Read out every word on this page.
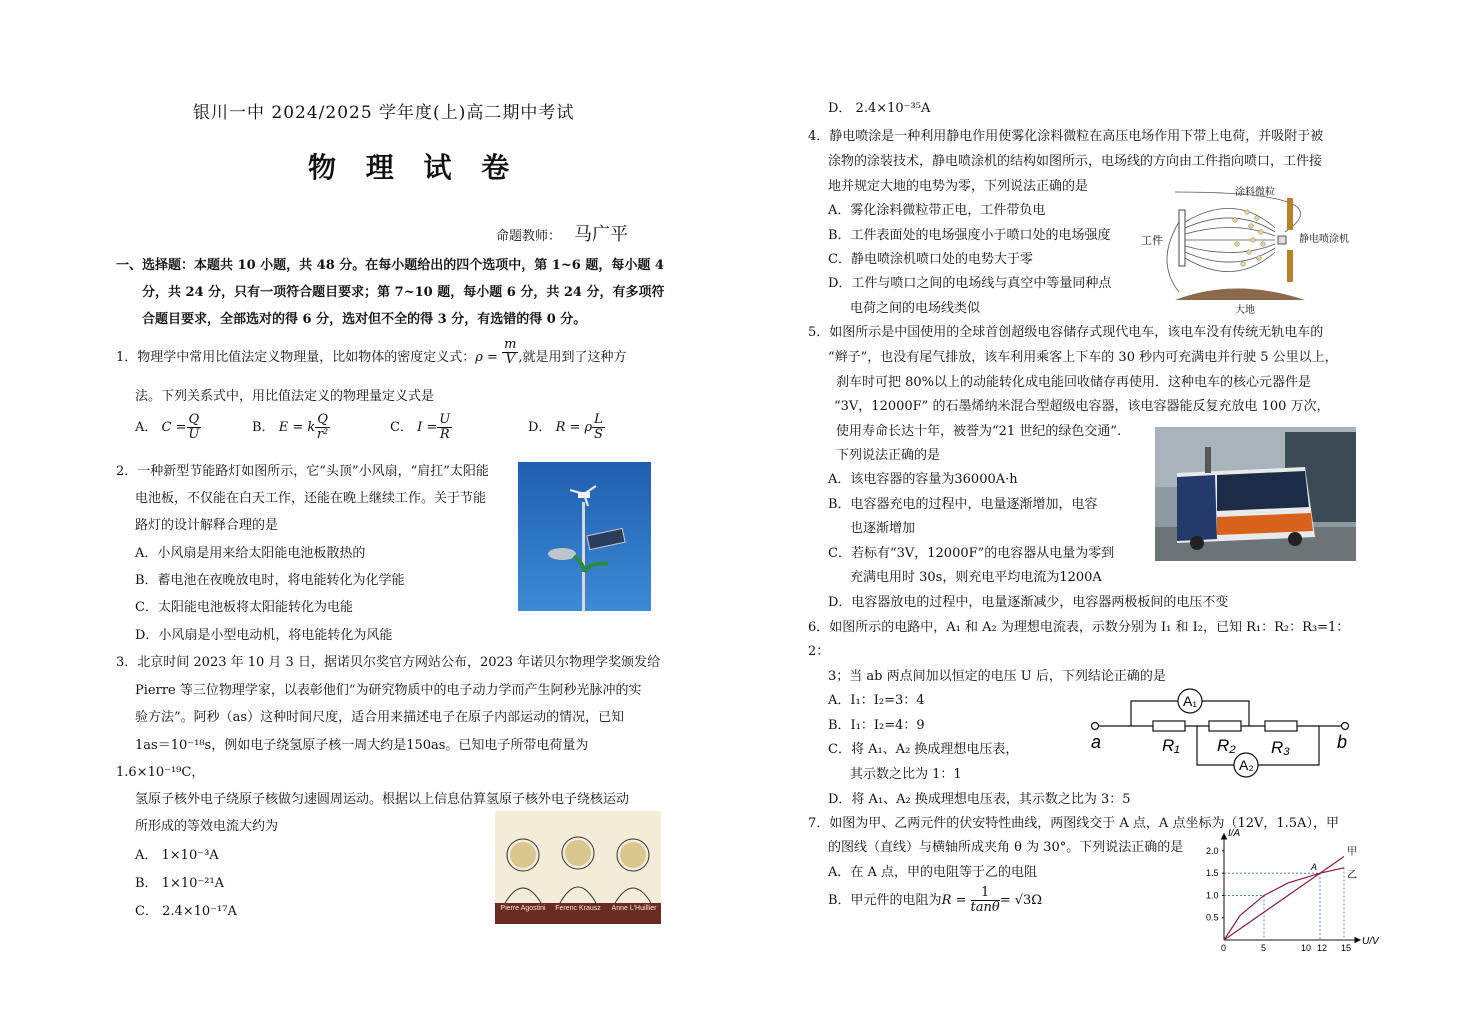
银川一中 2024/2025 学年度(上)高二期中考试
物 理 试 卷
命题教师： 马广平
一、选择题：本题共 10 小题，共 48 分。在每小题给出的四个选项中，第 1~6 题，每小题 4
分，共 24 分，只有一项符合题目要求；第 7~10 题，每小题 6 分，共 24 分，有多项符
合题目要求，全部选对的得 6 分，选对但不全的得 3 分，有选错的得 0 分。
1．物理学中常用比值法定义物理量，比如物体的密度定义式：$\rho = \frac{m}{V}$ ,就是用到了这种方
法。下列关系式中，用比值法定义的物理量定义式是
A． $C = \frac{Q}{U}$	B． E = k $\frac{Q}{\text{r²}}$	C． $I = \frac{U}{R}$	D． R = ρ $\frac{L}{S}$
2．一种新型节能路灯如图所示，它“头顶”小风扇，“肩扛”太阳能
电池板，不仅能在白天工作，还能在晚上继续工作。关于节能
路灯的设计解释合理的是
A．小风扇是用来给太阳能电池板散热的
B．蓄电池在夜晚放电时，将电能转化为化学能
C．太阳能电池板将太阳能转化为电能
D．小风扇是小型电动机，将电能转化为风能
3．北京时间 2023 年 10 月 3 日，据诺贝尔奖官方网站公布，2023 年诺贝尔物理学奖颁发给
Pierre 等三位物理学家，以表彰他们“为研究物质中的电子动力学而产生阿秒光脉冲的实
验方法”。阿秒（as）这种时间尺度，适合用来描述电子在原子内部运动的情况，已知
1as＝10⁻¹⁸s，例如电子绕氢原子核一周大约是150as。已知电子所带电荷量为
1.6×10⁻¹⁹C，
氢原子核外电子绕原子核做匀速圆周运动。根据以上信息估算氢原子核外电子绕核运动
所形成的等效电流大约为
A． 1×10⁻³A
B． 1×10⁻²¹A
C． 2.4×10⁻¹⁷A	Pierre Agostini	Ferenc Krausz	Anne L'Huillier
D． 2.4×10⁻³⁵A
4．静电喷涂是一种利用静电作用使雾化涂料微粒在高压电场作用下带上电荷，并吸附于被
涂物的涂装技术，静电喷涂机的结构如图所示，电场线的方向由工件指向喷口，工件接
地并规定大地的电势为零，下列说法正确的是
A．雾化涂料微粒带正电，工件带负电
B．工件表面处的电场强度小于喷口处的电场强度
C．静电喷涂机喷口处的电势大于零
D．工件与喷口之间的电场线与真空中等量同种点
电荷之间的电场线类似
涂料微粒
工件	静电喷涂机
大地
5．如图所示是中国使用的全球首创超级电容储存式现代电车，该电车没有传统无轨电车的
“辫子”，也没有尾气排放，该车利用乘客上下车的 30 秒内可充满电并行驶 5 公里以上，
刹车时可把 80%以上的动能转化成电能回收储存再使用．这种电车的核心元器件是
“3V，12000F” 的石墨烯纳米混合型超级电容器，该电容器能反复充放电 100 万次，
使用寿命长达十年，被誉为“21 世纪的绿色交通”.
下列说法正确的是
A．该电容器的容量为36000A·h
B．电容器充电的过程中，电量逐渐增加，电容
也逐渐增加
C．若标有“3V，12000F”的电容器从电量为零到
充满电用时 30s，则充电平均电流为1200A
D．电容器放电的过程中，电量逐渐减少，电容器两极板间的电压不变
6．如图所示的电路中，A₁ 和 A₂ 为理想电流表，示数分别为 I₁ 和 I₂，已知 R₁：R₂：R₃=1：
2：
3；当 ab 两点间加以恒定的电压 U 后，下列结论正确的是
A．I₁：I₂=3：4
B．I₁：I₂=4：9
C．将 A₁、A₂ 换成理想电压表，
其示数之比为 1：1
D．将 A₁、A₂ 换成理想电压表，其示数之比为 3：5
a	b
A₁
A₂
R₁ R₂ R₃
7．如图为甲、乙两元件的伏安特性曲线，两图线交于 A 点，A 点坐标为（12V，1.5A），甲
的图线（直线）与横轴所成夹角 θ 为 30°。下列说法正确的是
A．在 A 点，甲的电阻等于乙的电阻
B．甲元件的电阻为$R = \frac{1}{\tan\theta} = √3\Omega$
甲
乙
A
U/V
I/A
0	5	10 12 15
0.5
1.0
1.5
2.0
